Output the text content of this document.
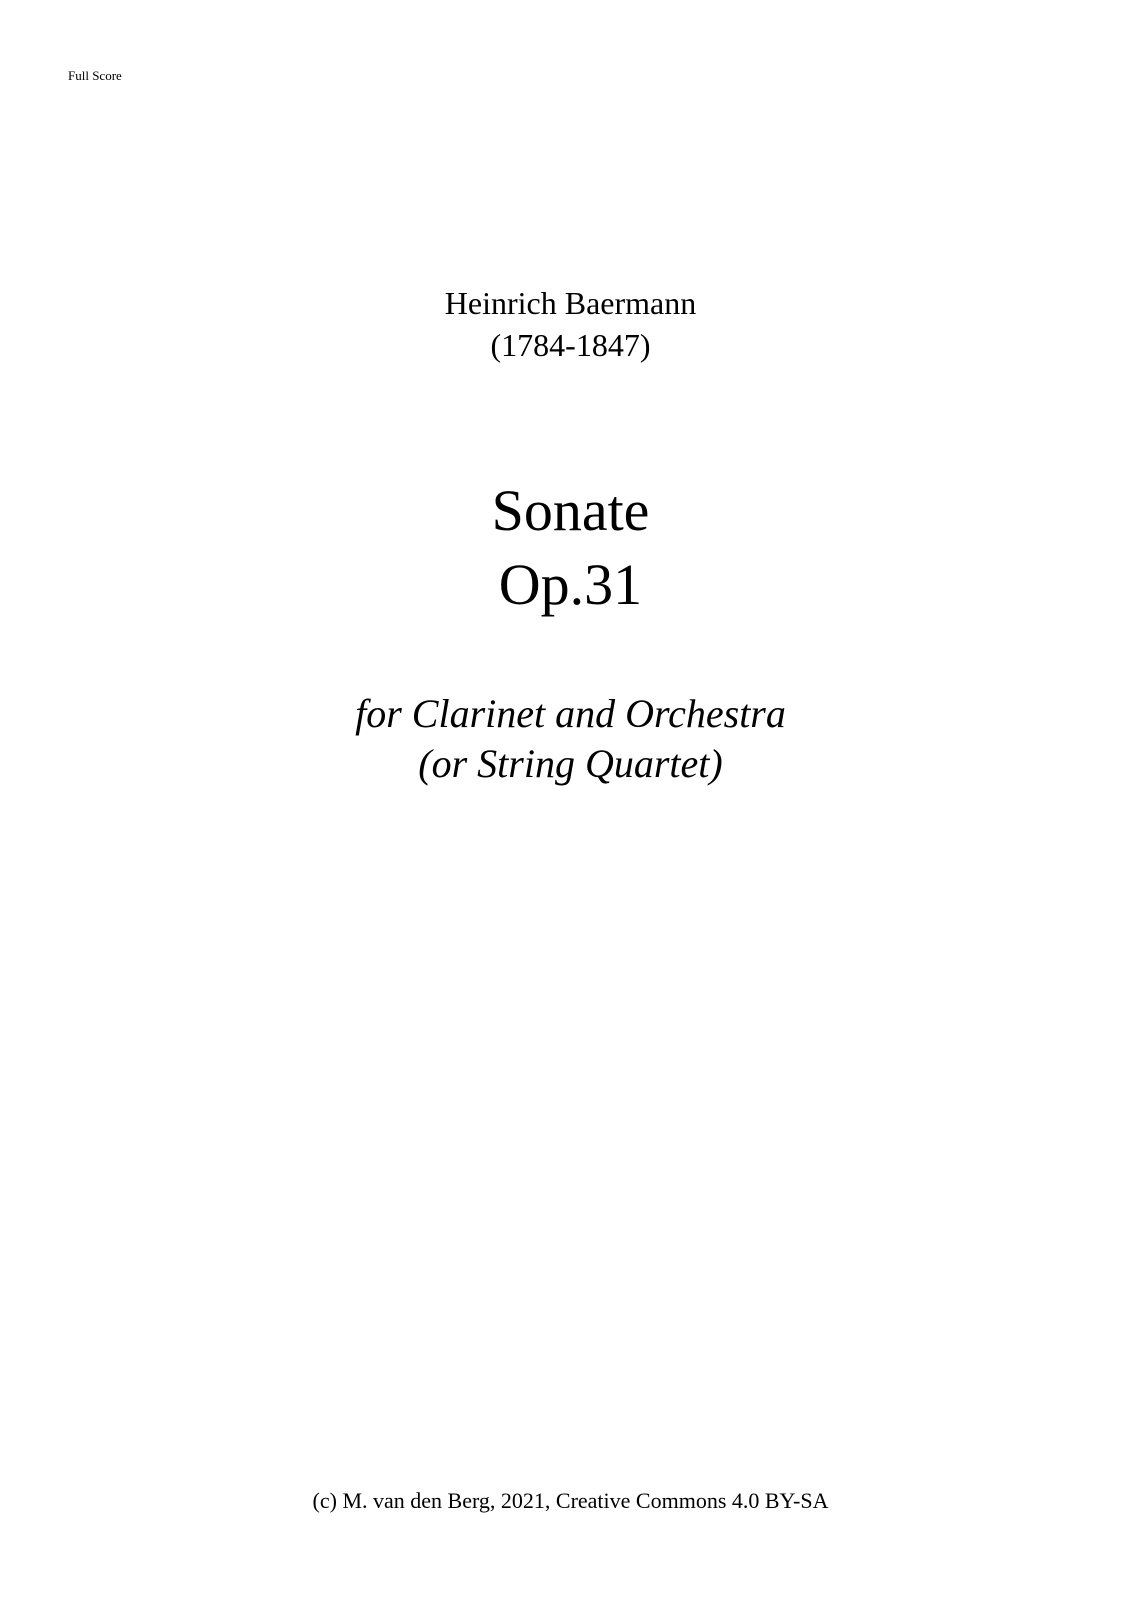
Full Score
Heinrich Baermann
(1784-1847)
Sonate
Op.31
for Clarinet and Orchestra
(or String Quartet)
(c) M. van den Berg, 2021, Creative Commons 4.0 BY-SA
